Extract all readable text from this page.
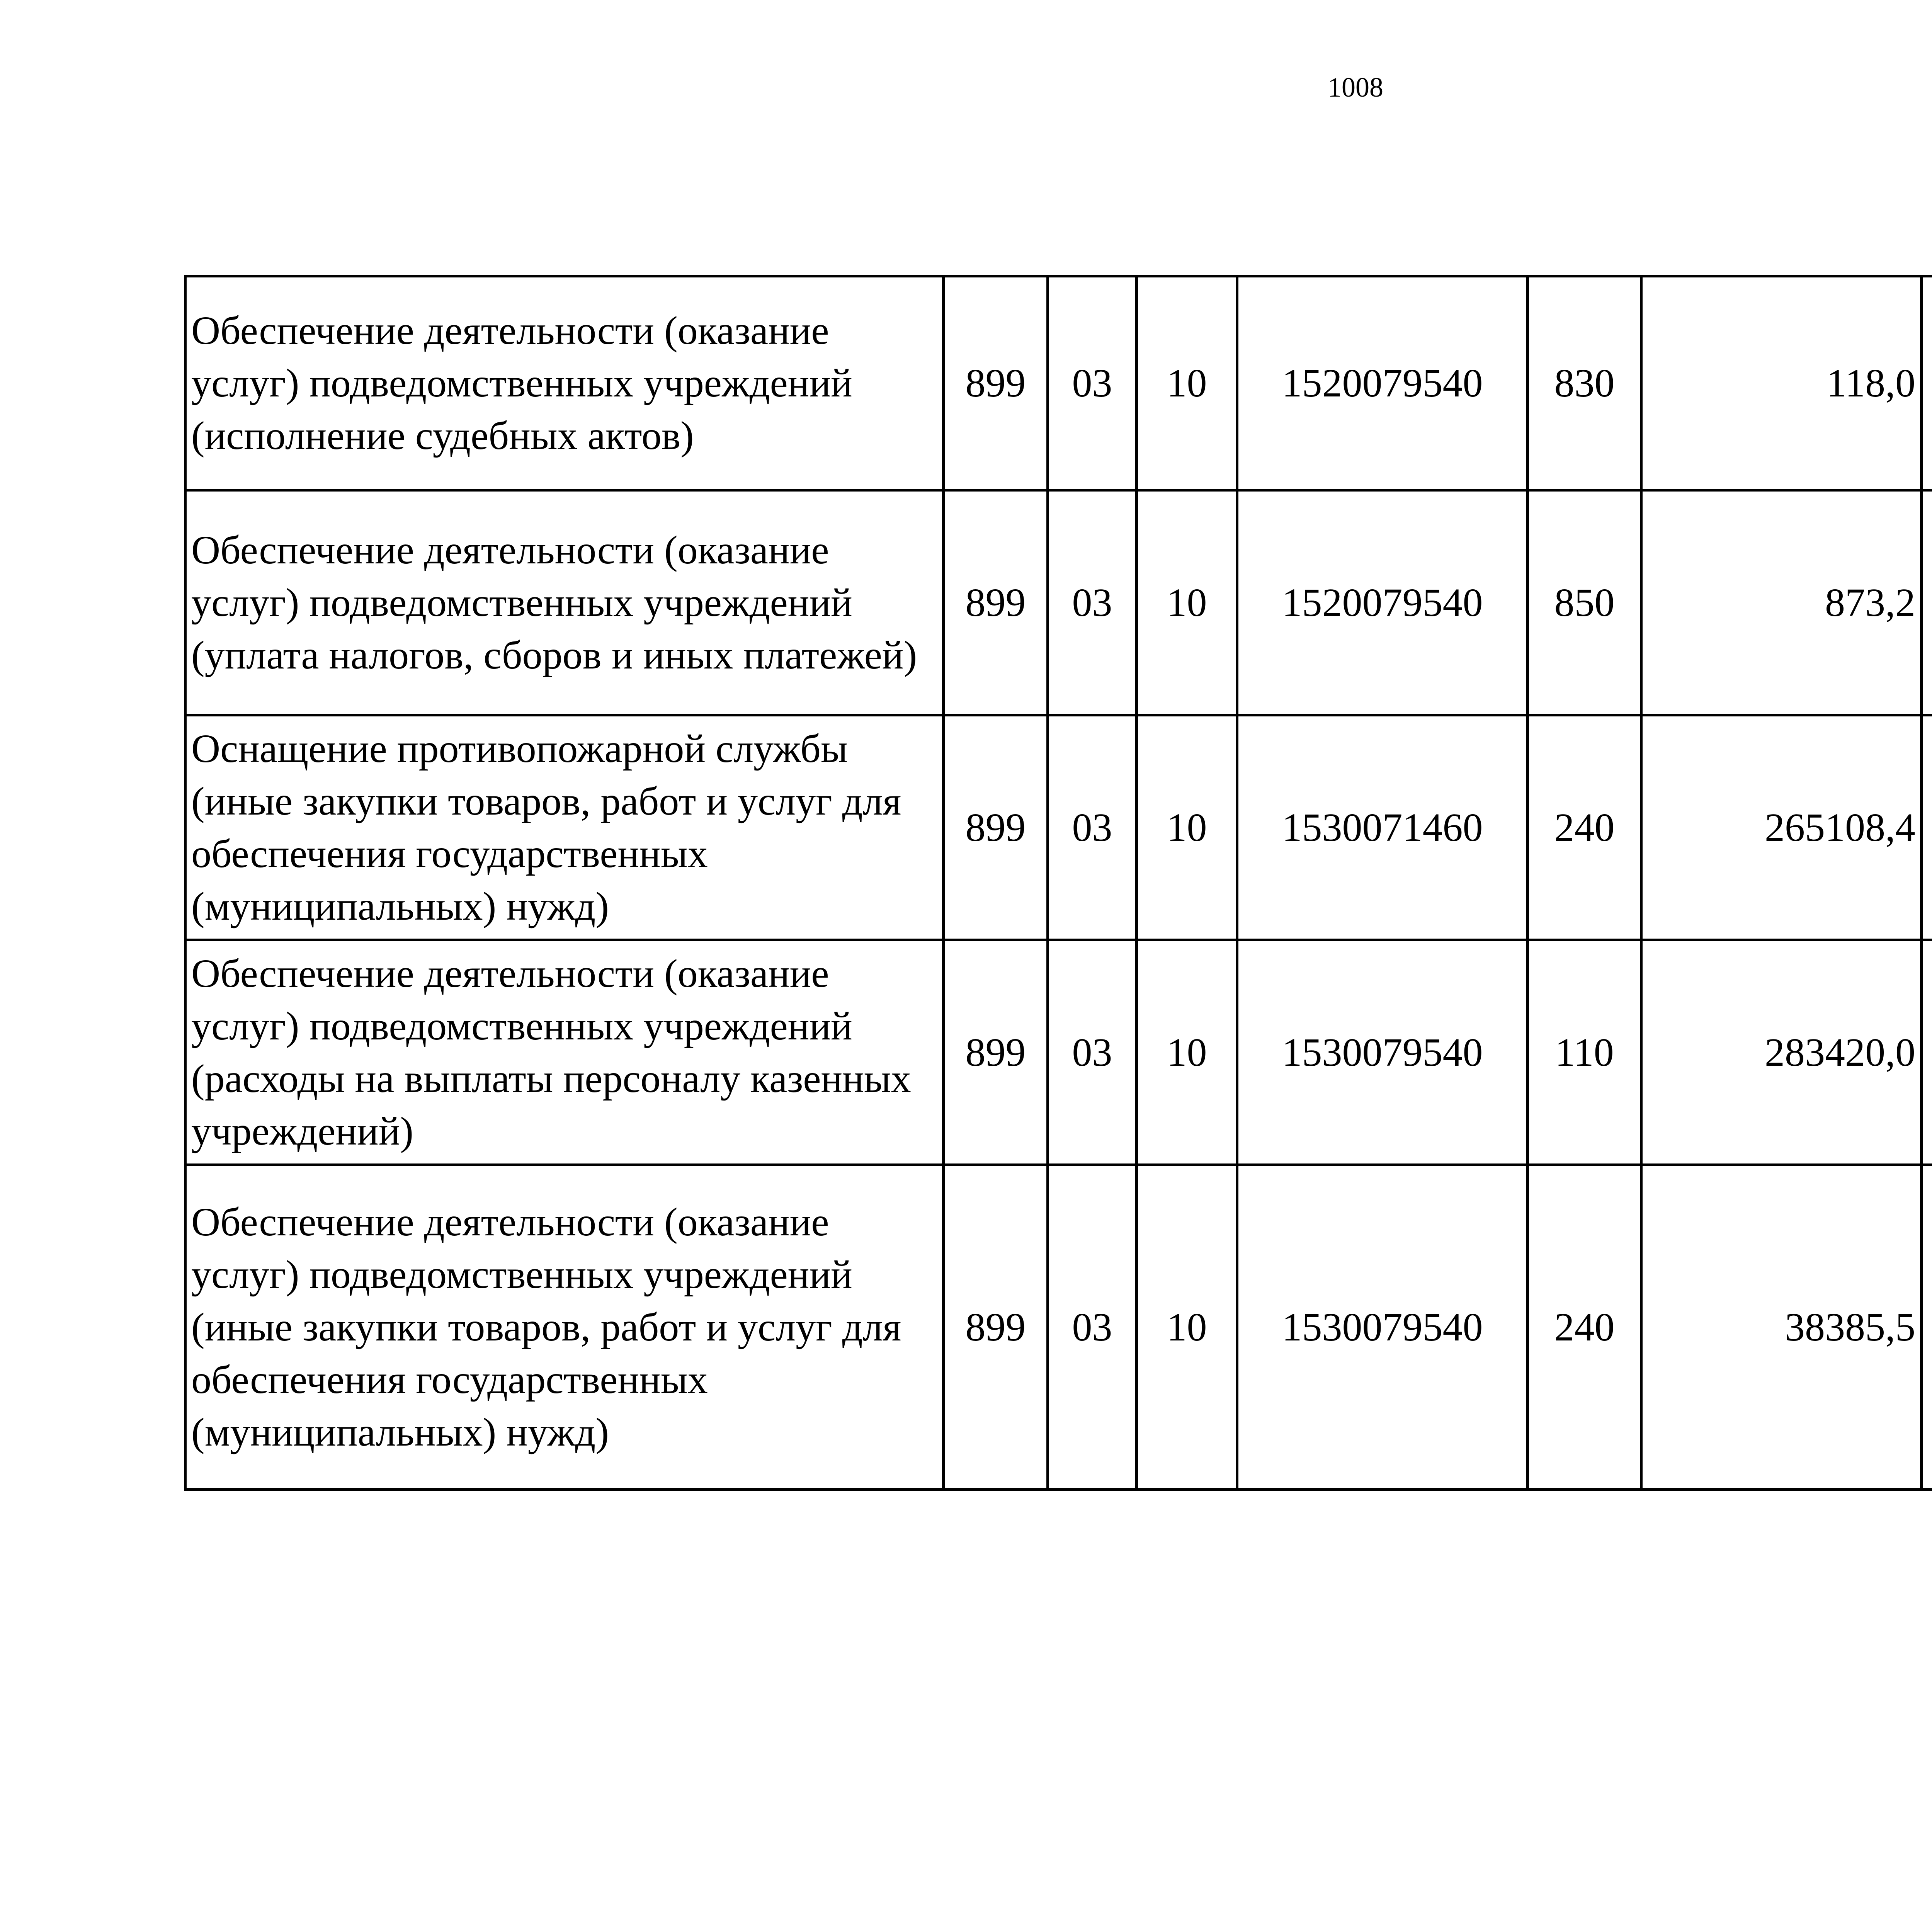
1008
Обеспечение деятельности (оказание услуг) подведомственных учреждений (исполнение судебных актов)	899	03	10	1520079540	830	118,0		
Обеспечение деятельности (оказание услуг) подведомственных учреждений (уплата налогов, сборов и иных платежей)	899	03	10	1520079540	850	873,2		
Оснащение противопожарной службы (иные закупки товаров, работ и услуг для обеспечения государственных (муниципальных) нужд)	899	03	10	1530071460	240	265108,4		
Обеспечение деятельности (оказание услуг) подведомственных учреждений (расходы на выплаты персоналу казенных учреждений)	899	03	10	1530079540	110	283420,0		
Обеспечение деятельности (оказание услуг) подведомственных учреждений (иные закупки товаров, работ и услуг для обеспечения государственных (муниципальных) нужд)	899	03	10	1530079540	240	38385,5		
